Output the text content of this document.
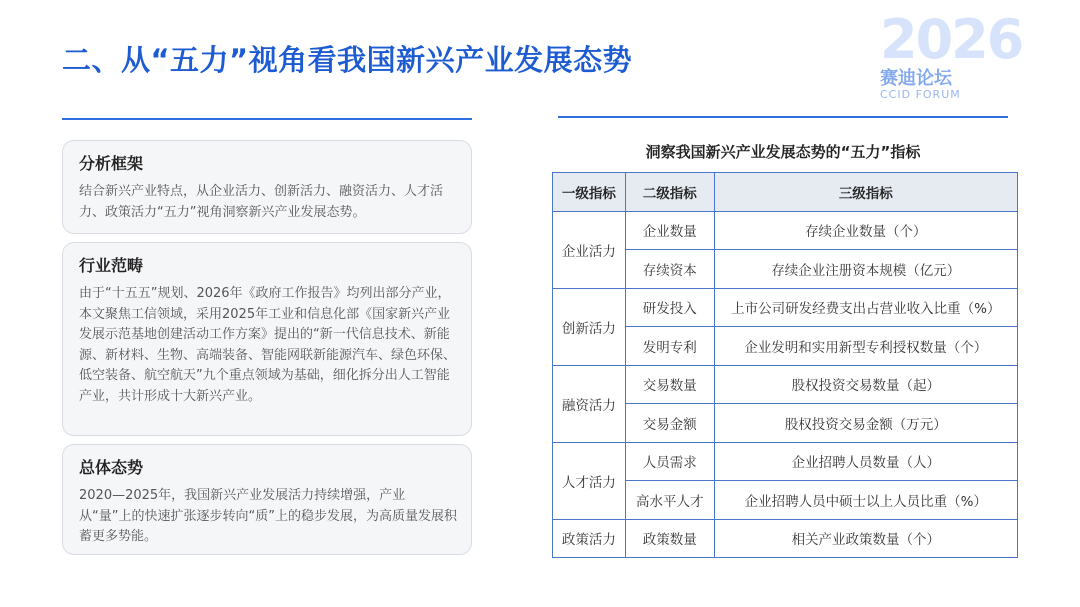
二、从“五力”视角看我国新兴产业发展态势	2026
赛迪论坛
CCID FORUM
分析框架

结合新兴产业特点，从企业活力、创新活力、融资活力、人才活力、政策活力“五力”视角洞察新兴产业发展态势。

行业范畴

由于“十五五”规划、2026年《政府工作报告》均列出部分产业，本文聚焦工信领域，采用2025年工业和信息化部《国家新兴产业发展示范基地创建活动工作方案》提出的“新一代信息技术、新能源、新材料、生物、高端装备、智能网联新能源汽车、绿色环保、低空装备、航空航天”九个重点领域为基础，细化拆分出人工智能产业，共计形成十大新兴产业。

总体态势

2020—2025年，我国新兴产业发展活力持续增强，产业从“量”上的快速扩张逐步转向“质”上的稳步发展，为高质量发展积蓄更多势能。

洞察我国新兴产业发展态势的“五力”指标
一级指标	二级指标	三级指标
企业活力	企业数量	存续企业数量（个）
	存续资本	存续企业注册资本规模（亿元）
创新活力	研发投入	上市公司研发经费支出占营业收入比重（%）
	发明专利	企业发明和实用新型专利授权数量（个）
融资活力	交易数量	股权投资交易数量（起）
	交易金额	股权投资交易金额（万元）
人才活力	人员需求	企业招聘人员数量（人）
	高水平人才	企业招聘人员中硕士以上人员比重（%）
政策活力	政策数量	相关产业政策数量（个）
